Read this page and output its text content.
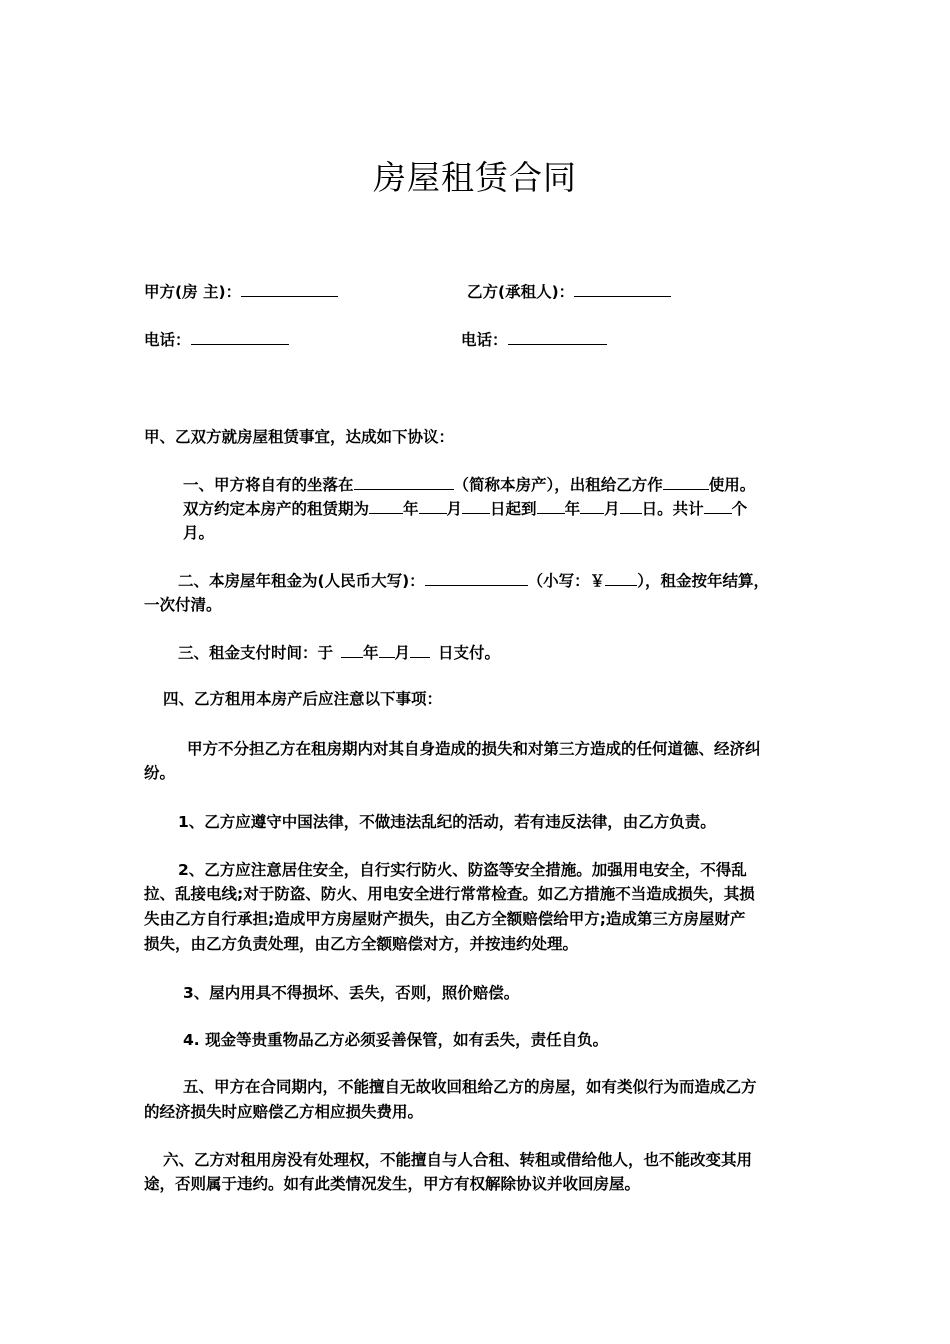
房屋租赁合同
甲方(房 主)：	乙方(承租人)：
电话：	电话：
甲、乙双方就房屋租赁事宜，达成如下协议：
一、甲方将自有的坐落在	（简称本房产），出租给乙方作	使用。
双方约定本房产的租赁期为 年 月 日起到 年 月 日。共计 个
月。
二、本房屋年租金为(人民币大写)：	（小写：￥ ），租金按年结算，
一次付清。
三、租金支付时间：于 年 月 日支付。
四、乙方租用本房产后应注意以下事项：
甲方不分担乙方在租房期内对其自身造成的损失和对第三方造成的任何道德、经济纠
纷。
1、乙方应遵守中国法律，不做违法乱纪的活动，若有违反法律，由乙方负责。
2、乙方应注意居住安全，自行实行防火、防盗等安全措施。加强用电安全，不得乱
拉、乱接电线;对于防盗、防火、用电安全进行常常检查。如乙方措施不当造成损失，其损
失由乙方自行承担;造成甲方房屋财产损失，由乙方全额赔偿给甲方;造成第三方房屋财产
损失，由乙方负责处理，由乙方全额赔偿对方，并按违约处理。
3、屋内用具不得损坏、丢失，否则，照价赔偿。
4. 现金等贵重物品乙方必须妥善保管，如有丢失，责任自负。
五、甲方在合同期内，不能擅自无故收回租给乙方的房屋，如有类似行为而造成乙方
的经济损失时应赔偿乙方相应损失费用。
六、乙方对租用房没有处理权，不能擅自与人合租、转租或借给他人，也不能改变其用
途，否则属于违约。如有此类情况发生，甲方有权解除协议并收回房屋。
